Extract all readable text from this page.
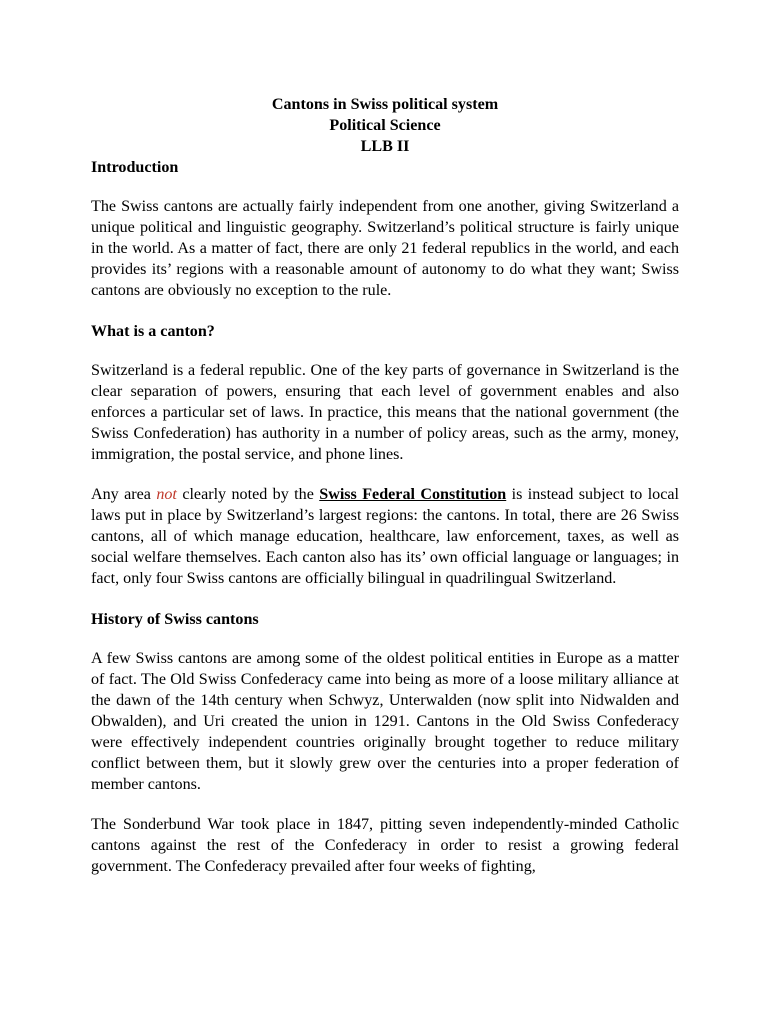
Cantons in Swiss political system
Political Science
LLB II
Introduction

The Swiss cantons are actually fairly independent from one another, giving Switzerland a unique political and linguistic geography. Switzerland’s political structure is fairly unique in the world. As a matter of fact, there are only 21 federal republics in the world, and each provides its’ regions with a reasonable amount of autonomy to do what they want; Swiss cantons are obviously no exception to the rule.

What is a canton?

Switzerland is a federal republic. One of the key parts of governance in Switzerland is the clear separation of powers, ensuring that each level of government enables and also enforces a particular set of laws. In practice, this means that the national government (the Swiss Confederation) has authority in a number of policy areas, such as the army, money, immigration, the postal service, and phone lines.

Any area not clearly noted by the Swiss Federal Constitution is instead subject to local laws put in place by Switzerland’s largest regions: the cantons. In total, there are 26 Swiss cantons, all of which manage education, healthcare, law enforcement, taxes, as well as social welfare themselves. Each canton also has its’ own official language or languages; in fact, only four Swiss cantons are officially bilingual in quadrilingual Switzerland.

History of Swiss cantons

A few Swiss cantons are among some of the oldest political entities in Europe as a matter of fact. The Old Swiss Confederacy came into being as more of a loose military alliance at the dawn of the 14th century when Schwyz, Unterwalden (now split into Nidwalden and Obwalden), and Uri created the union in 1291. Cantons in the Old Swiss Confederacy were effectively independent countries originally brought together to reduce military conflict between them, but it slowly grew over the centuries into a proper federation of member cantons.

The Sonderbund War took place in 1847, pitting seven independently-minded Catholic cantons against the rest of the Confederacy in order to resist a growing federal government. The Confederacy prevailed after four weeks of fighting,
